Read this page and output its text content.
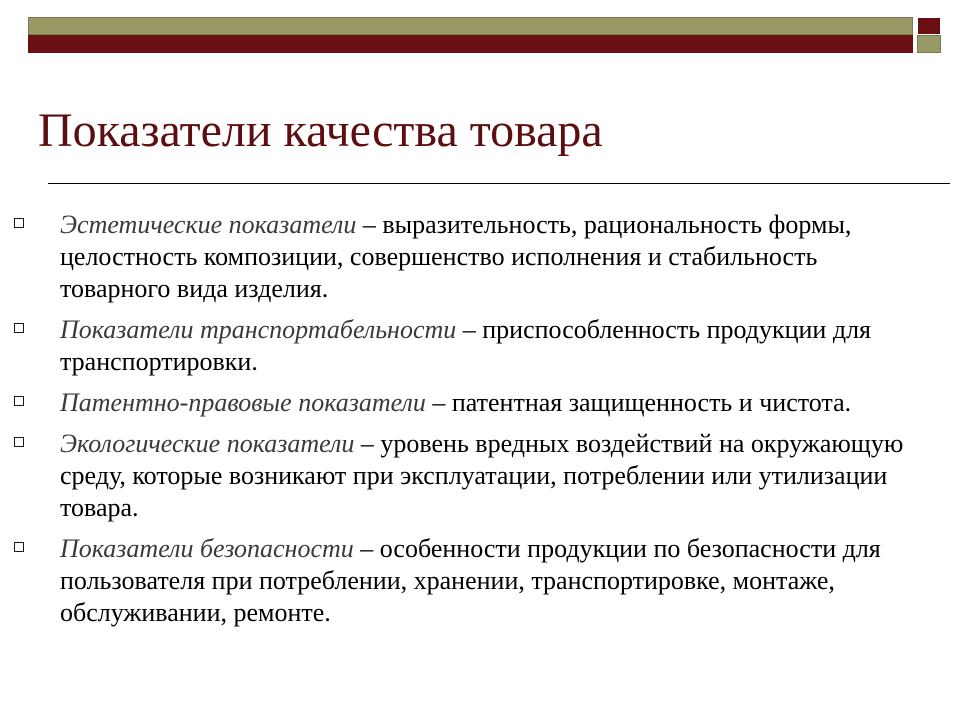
Показатели качества товара
Эстетические показатели – выразительность, рациональность формы, целостность композиции, совершенство исполнения и стабильность товарного вида изделия.
Показатели транспортабельности – приспособленность продукции для транспортировки.
Патентно-правовые показатели – патентная защищенность и чистота.
Экологические показатели – уровень вредных воздействий на окружающую среду, которые возникают при эксплуатации, потреблении или утилизации товара.
Показатели безопасности – особенности продукции по безопасности для пользователя при потреблении, хранении, транспортировке, монтаже, обслуживании, ремонте.
